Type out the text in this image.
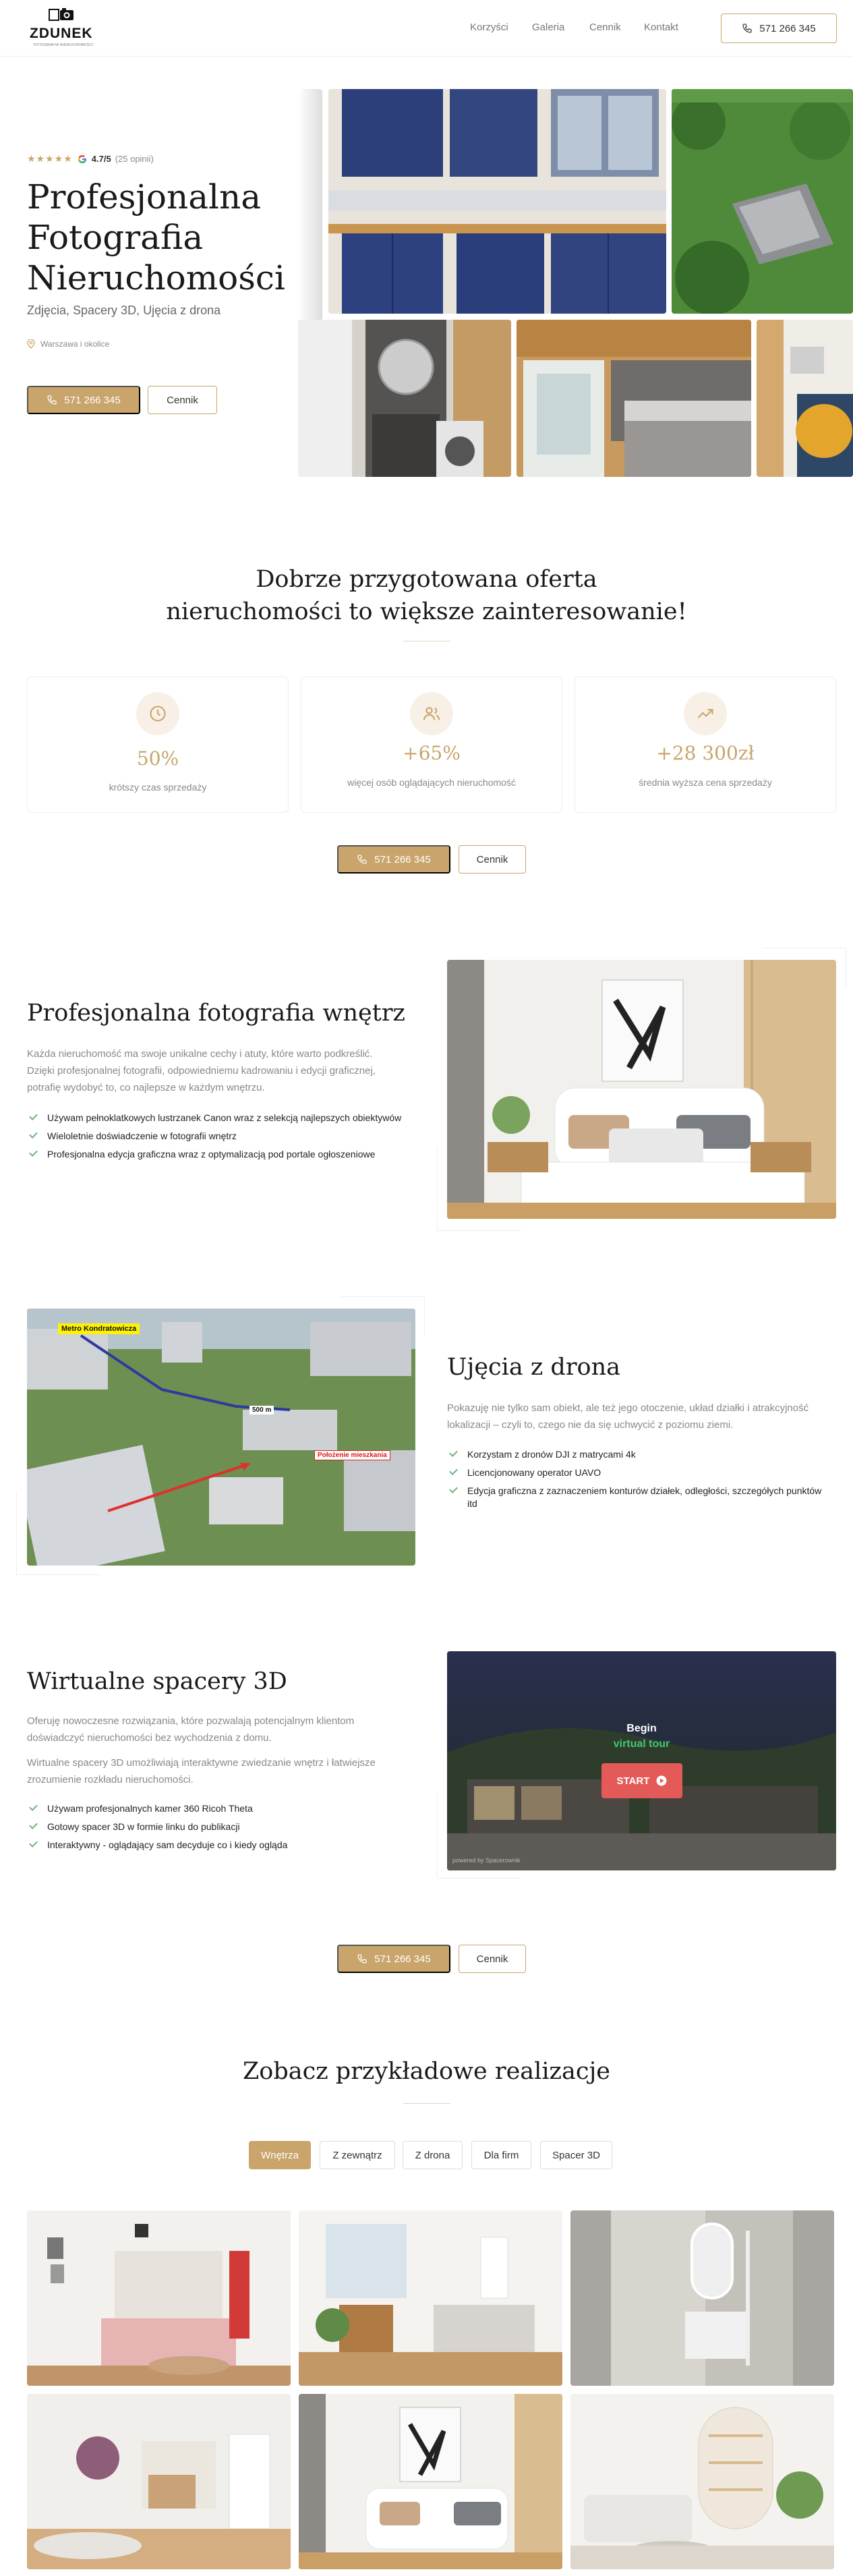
ZDUNEK
FOTOGRAFIA NIERUCHOMOŚCI
Korzyści Galeria Cennik Kontakt	571 266 345
★★★★★ 4.7/5 (25 opinii)
Profesjonalna Fotografia Nieruchomości

Zdjęcia, Spacery 3D, Ujęcia z drona

Warszawa i okolice
571 266 345	Cennik
Dobrze przygotowana oferta
nieruchomości to większe zainteresowanie!
50%
krótszy czas sprzedaży
+65%
więcej osób oglądających nieruchomość
+28 300zł
średnia wyższa cena sprzedaży
571 266 345	Cennik
Profesjonalna fotografia wnętrz

Każda nieruchomość ma swoje unikalne cechy i atuty, które warto podkreślić. Dzięki profesjonalnej fotografii, odpowiedniemu kadrowaniu i edycji graficznej, potrafię wydobyć to, co najlepsze w każdym wnętrzu.

Używam pełnoklatkowych lustrzanek Canon wraz z selekcją najlepszych obiektywów
Wieloletnie doświadczenie w fotografii wnętrz
Profesjonalna edycja graficzna wraz z optymalizacją pod portale ogłoszeniowe
Metro Kondratowicza
500 m
Położenie mieszkania
Ujęcia z drona

Pokazuję nie tylko sam obiekt, ale też jego otoczenie, układ działki i atrakcyjność lokalizacji – czyli to, czego nie da się uchwycić z poziomu ziemi.

Korzystam z dronów DJI z matrycami 4k
Licencjonowany operator UAVO
Edycja graficzna z zaznaczeniem konturów działek, odległości, szczegółych punktów itd
Wirtualne spacery 3D

Oferuję nowoczesne rozwiązania, które pozwalają potencjalnym klientom doświadczyć nieruchomości bez wychodzenia z domu.

Wirtualne spacery 3D umożliwiają interaktywne zwiedzanie wnętrz i łatwiejsze zrozumienie rozkładu nieruchomości.

Używam profesjonalnych kamer 360 Ricoh Theta
Gotowy spacer 3D w formie linku do publikacji
Interaktywny - oglądający sam decyduje co i kiedy ogląda
Begin
virtual tour
START
powered by Spacerownik
571 266 345	Cennik
Zobacz przykładowe realizacje
Wnętrza	Z zewnątrz	Z drona	Dla firm	Spacer 3D
